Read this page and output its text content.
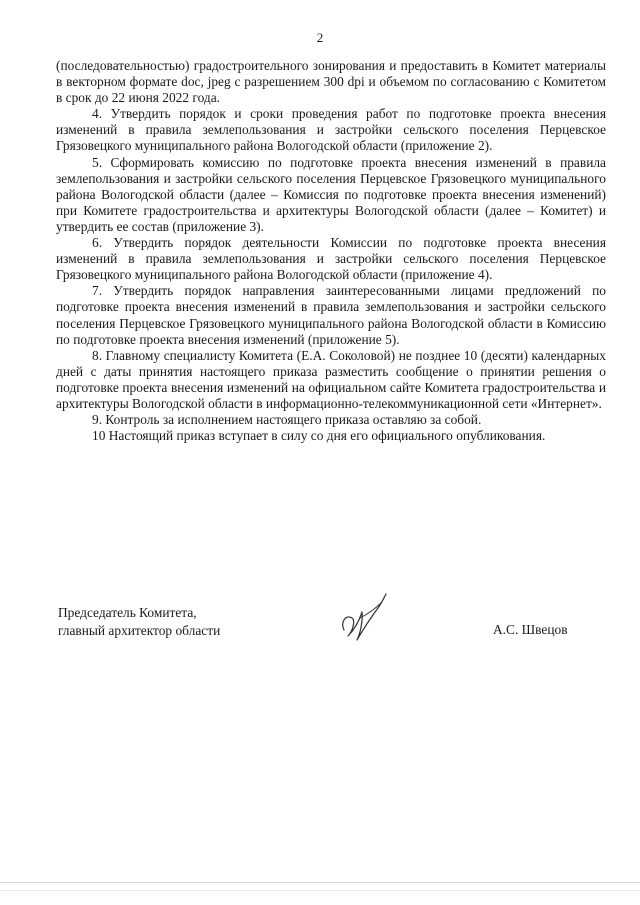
2

(последовательностью) градостроительного зонирования и предоставить в Комитет материалы в векторном формате doc, jpeg с разрешением 300 dpi и объемом по согласованию с Комитетом в срок до 22 июня 2022 года.

4. Утвердить порядок и сроки проведения работ по подготовке проекта внесения изменений в правила землепользования и застройки сельского поселения Перцевское Грязовецкого муниципального района Вологодской области (приложение 2).

5. Сформировать комиссию по подготовке проекта внесения изменений в правила землепользования и застройки сельского поселения Перцевское Грязовецкого муниципального района Вологодской области (далее – Комиссия по подготовке проекта внесения изменений) при Комитете градостроительства и архитектуры Вологодской области (далее – Комитет) и утвердить ее состав (приложение 3).

6. Утвердить порядок деятельности Комиссии по подготовке проекта внесения изменений в правила землепользования и застройки сельского поселения Перцевское Грязовецкого муниципального района Вологодской области (приложение 4).

7. Утвердить порядок направления заинтересованными лицами предложений по подготовке проекта внесения изменений в правила землепользования и застройки сельского поселения Перцевское Грязовецкого муниципального района Вологодской области в Комиссию по подготовке проекта внесения изменений (приложение 5).

8. Главному специалисту Комитета (Е.А. Соколовой) не позднее 10 (десяти) календарных дней с даты принятия настоящего приказа разместить сообщение о принятии решения о подготовке проекта внесения изменений на официальном сайте Комитета градостроительства и архитектуры Вологодской области в информационно-телекоммуникационной сети «Интернет».

9. Контроль за исполнением настоящего приказа оставляю за собой.

10 Настоящий приказ вступает в силу со дня его официального опубликования.

Председатель Комитета,
главный архитектор области	А.С. Швецов
